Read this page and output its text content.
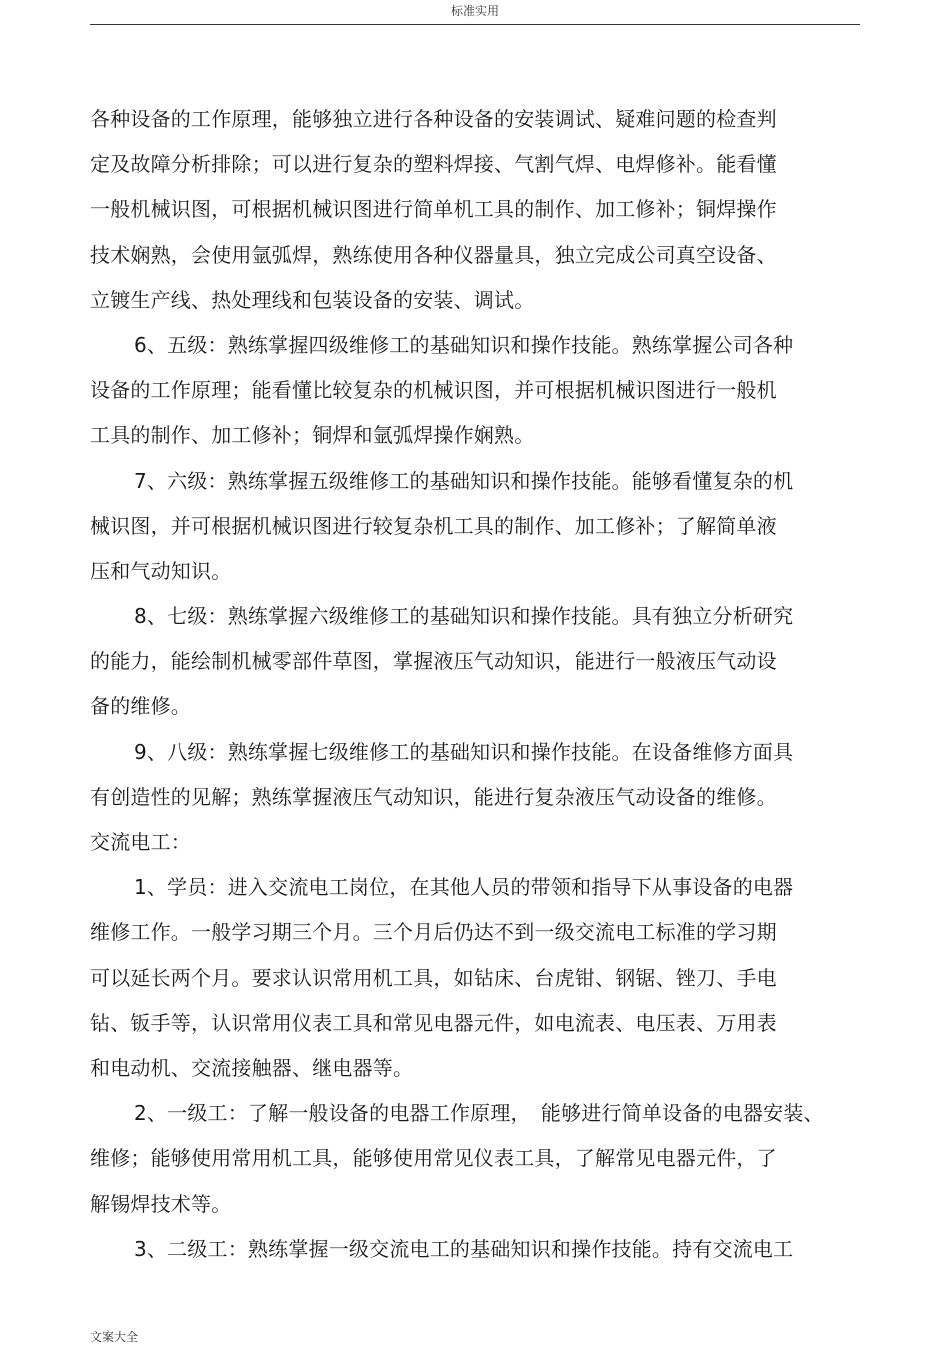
标准实用
各种设备的工作原理，能够独立进行各种设备的安装调试、疑难问题的检查判
定及故障分析排除；可以进行复杂的塑料焊接、气割气焊、电焊修补。能看懂
一般机械识图，可根据机械识图进行简单机工具的制作、加工修补；铜焊操作
技术娴熟，会使用氩弧焊，熟练使用各种仪器量具，独立完成公司真空设备、
立镀生产线、热处理线和包装设备的安装、调试。
6、五级：熟练掌握四级维修工的基础知识和操作技能。熟练掌握公司各种
设备的工作原理；能看懂比较复杂的机械识图，并可根据机械识图进行一般机
工具的制作、加工修补；铜焊和氩弧焊操作娴熟。
7、六级：熟练掌握五级维修工的基础知识和操作技能。能够看懂复杂的机
械识图，并可根据机械识图进行较复杂机工具的制作、加工修补；了解简单液
压和气动知识。
8、七级：熟练掌握六级维修工的基础知识和操作技能。具有独立分析研究
的能力，能绘制机械零部件草图，掌握液压气动知识，能进行一般液压气动设
备的维修。
9、八级：熟练掌握七级维修工的基础知识和操作技能。在设备维修方面具
有创造性的见解；熟练掌握液压气动知识，能进行复杂液压气动设备的维修。
交流电工：
1、学员：进入交流电工岗位，在其他人员的带领和指导下从事设备的电器
维修工作。一般学习期三个月。三个月后仍达不到一级交流电工标准的学习期
可以延长两个月。要求认识常用机工具，如钻床、台虎钳、钢锯、锉刀、手电
钻、钣手等，认识常用仪表工具和常见电器元件，如电流表、电压表、万用表
和电动机、交流接触器、继电器等。
2、一级工：了解一般设备的电器工作原理，　能够进行简单设备的电器安装、
维修；能够使用常用机工具，能够使用常见仪表工具，了解常见电器元件，了
解锡焊技术等。
3、二级工：熟练掌握一级交流电工的基础知识和操作技能。持有交流电工
文案大全
